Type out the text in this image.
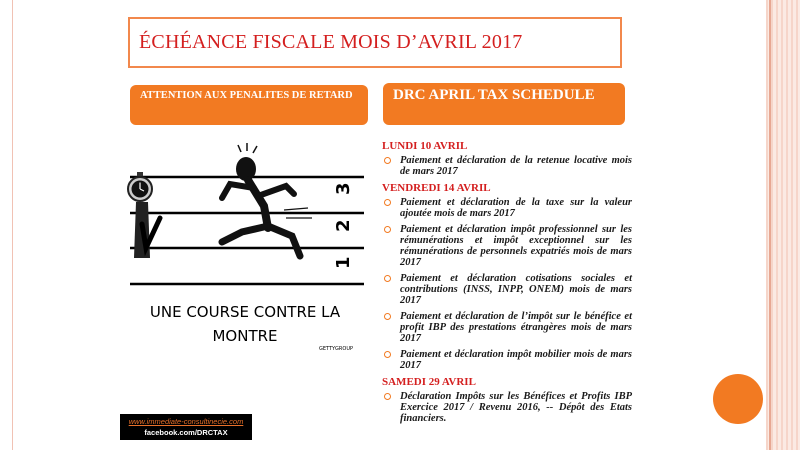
ÉCHÉANCE FISCALE MOIS D’AVRIL 2017
ATTENTION AUX PENALITES DE RETARD	DRC APRIL TAX SCHEDULE
3
2
1
UNE COURSE CONTRE LA
MONTRE
GETTYGROUP
www.immediate-consultinecie.com
facebook.com/DRCTAX
LUNDI 10 AVRIL
Paiement et déclaration de la retenue locative mois de mars 2017
VENDREDI 14 AVRIL
Paiement et déclaration de la taxe sur la valeur ajoutée mois de mars 2017
Paiement et déclaration impôt professionnel sur les rémunérations et impôt exceptionnel sur les rémunérations de personnels expatriés mois de mars 2017
Paiement et déclaration cotisations sociales et contributions (INSS, INPP, ONEM) mois de mars 2017
Paiement et déclaration de l’impôt sur le bénéfice et profit IBP des prestations étrangères mois de mars 2017
Paiement et déclaration impôt mobilier mois de mars 2017
SAMEDI 29 AVRIL
Déclaration Impôts sur les Bénéfices et Profits IBP Exercice 2017 / Revenu 2016, -- Dépôt des Etats financiers.
